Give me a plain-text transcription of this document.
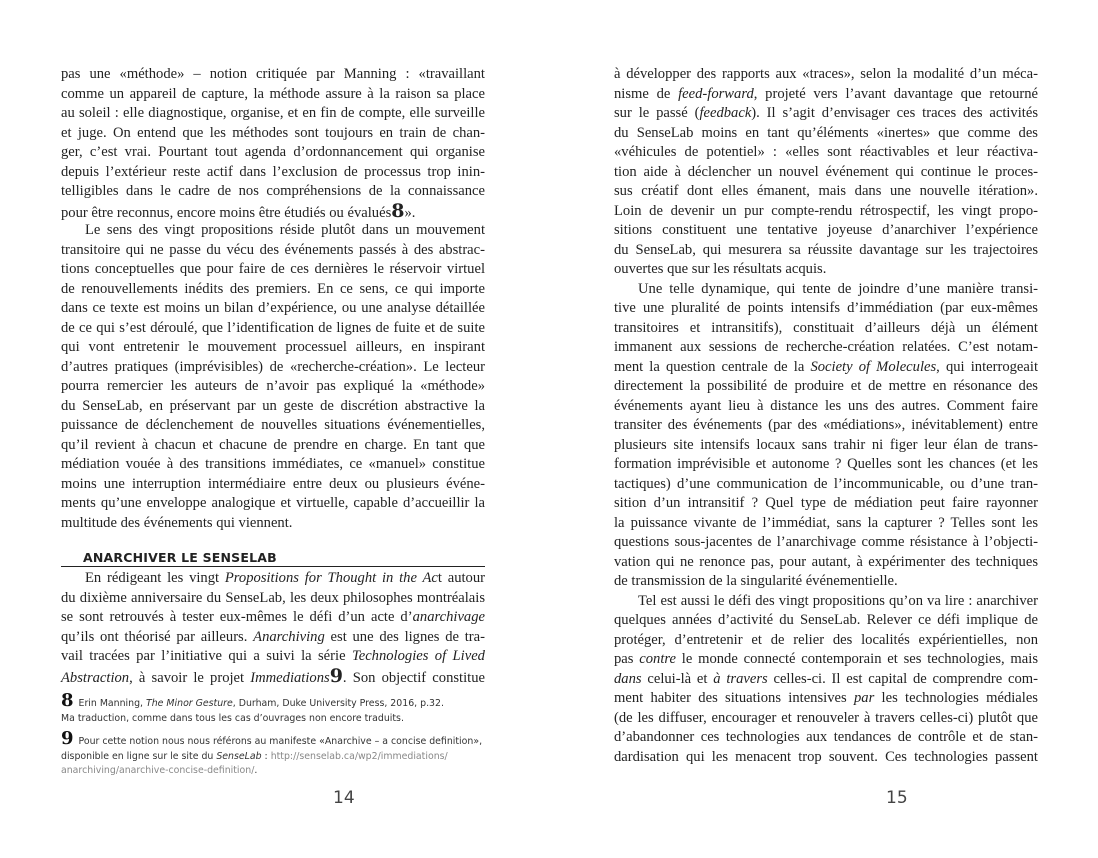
pas une «méthode» – notion critiquée par Manning : «travaillant
comme un appareil de capture, la méthode assure à la raison sa place
au soleil : elle diagnostique, organise, et en fin de compte, elle surveille
et juge. On entend que les méthodes sont toujours en train de chan-
ger, c’est vrai. Pourtant tout agenda d’ordonnancement qui organise
depuis l’extérieur reste actif dans l’exclusion de processus trop inin-
telligibles dans le cadre de nos compréhensions de la connaissance
pour être reconnus, encore moins être étudiés ou évalués8».
Le sens des vingt propositions réside plutôt dans un mouvement
transitoire qui ne passe du vécu des événements passés à des abstrac-
tions conceptuelles que pour faire de ces dernières le réservoir virtuel
de renouvellements inédits des premiers. En ce sens, ce qui importe
dans ce texte est moins un bilan d’expérience, ou une analyse détaillée
de ce qui s’est déroulé, que l’identification de lignes de fuite et de suite
qui vont entretenir le mouvement processuel ailleurs, en inspirant
d’autres pratiques (imprévisibles) de «recherche-création». Le lecteur
pourra remercier les auteurs de n’avoir pas expliqué la «méthode»
du SenseLab, en préservant par un geste de discrétion abstractive la
puissance de déclenchement de nouvelles situations événementielles,
qu’il revient à chacun et chacune de prendre en charge. En tant que
médiation vouée à des transitions immédiates, ce «manuel» constitue
moins une interruption intermédiaire entre deux ou plusieurs événe-
ments qu’une enveloppe analogique et virtuelle, capable d’accueillir la
multitude des événements qui viennent.
ANARCHIVER LE SENSELAB
En rédigeant les vingt Propositions for Thought in the Act autour
du dixième anniversaire du SenseLab, les deux philosophes montréalais
se sont retrouvés à tester eux-mêmes le défi d’un acte d’anarchivage
qu’ils ont théorisé par ailleurs. Anarchiving est une des lignes de tra-
vail tracées par l’initiative qui a suivi la série Technologies of Lived
Abstraction, à savoir le projet Immediations9. Son objectif constitue
à développer des rapports aux «traces», selon la modalité d’un méca-
nisme de feed-forward, projeté vers l’avant davantage que retourné
sur le passé (feedback). Il s’agit d’envisager ces traces des activités
du SenseLab moins en tant qu’éléments «inertes» que comme des
«véhicules de potentiel» : «elles sont réactivables et leur réactiva-
tion aide à déclencher un nouvel événement qui continue le proces-
sus créatif dont elles émanent, mais dans une nouvelle itération».
Loin de devenir un pur compte-rendu rétrospectif, les vingt propo-
sitions constituent une tentative joyeuse d’anarchiver l’expérience
du SenseLab, qui mesurera sa réussite davantage sur les trajectoires
ouvertes que sur les résultats acquis.
Une telle dynamique, qui tente de joindre d’une manière transi-
tive une pluralité de points intensifs d’immédiation (par eux-mêmes
transitoires et intransitifs), constituait d’ailleurs déjà un élément
immanent aux sessions de recherche-création relatées. C’est notam-
ment la question centrale de la Society of Molecules, qui interrogeait
directement la possibilité de produire et de mettre en résonance des
événements ayant lieu à distance les uns des autres. Comment faire
transiter des événements (par des «médiations», inévitablement) entre
plusieurs site intensifs locaux sans trahir ni figer leur élan de trans-
formation imprévisible et autonome ? Quelles sont les chances (et les
tactiques) d’une communication de l’incommunicable, ou d’une tran-
sition d’un intransitif ? Quel type de médiation peut faire rayonner
la puissance vivante de l’immédiat, sans la capturer ? Telles sont les
questions sous-jacentes de l’anarchivage comme résistance à l’objecti-
vation qui ne renonce pas, pour autant, à expérimenter des techniques
de transmission de la singularité événementielle.
Tel est aussi le défi des vingt propositions qu’on va lire : anarchiver
quelques années d’activité du SenseLab. Relever ce défi implique de
protéger, d’entretenir et de relier des localités expérientielles, non
pas contre le monde connecté contemporain et ses technologies, mais
dans celui-là et à travers celles-ci. Il est capital de comprendre com-
ment habiter des situations intensives par les technologies médiales
(de les diffuser, encourager et renouveler à travers celles-ci) plutôt que
d’abandonner ces technologies aux tendances de contrôle et de stan-
dardisation qui les menacent trop souvent. Ces technologies passent
8 Erin Manning, The Minor Gesture, Durham, Duke University Press, 2016, p.32.
Ma traduction, comme dans tous les cas d’ouvrages non encore traduits.
9 Pour cette notion nous nous référons au manifeste «Anarchive – a concise definition»,
disponible en ligne sur le site du SenseLab : http://senselab.ca/wp2/immediations/
anarchiving/anarchive-concise-definition/.
14	15
